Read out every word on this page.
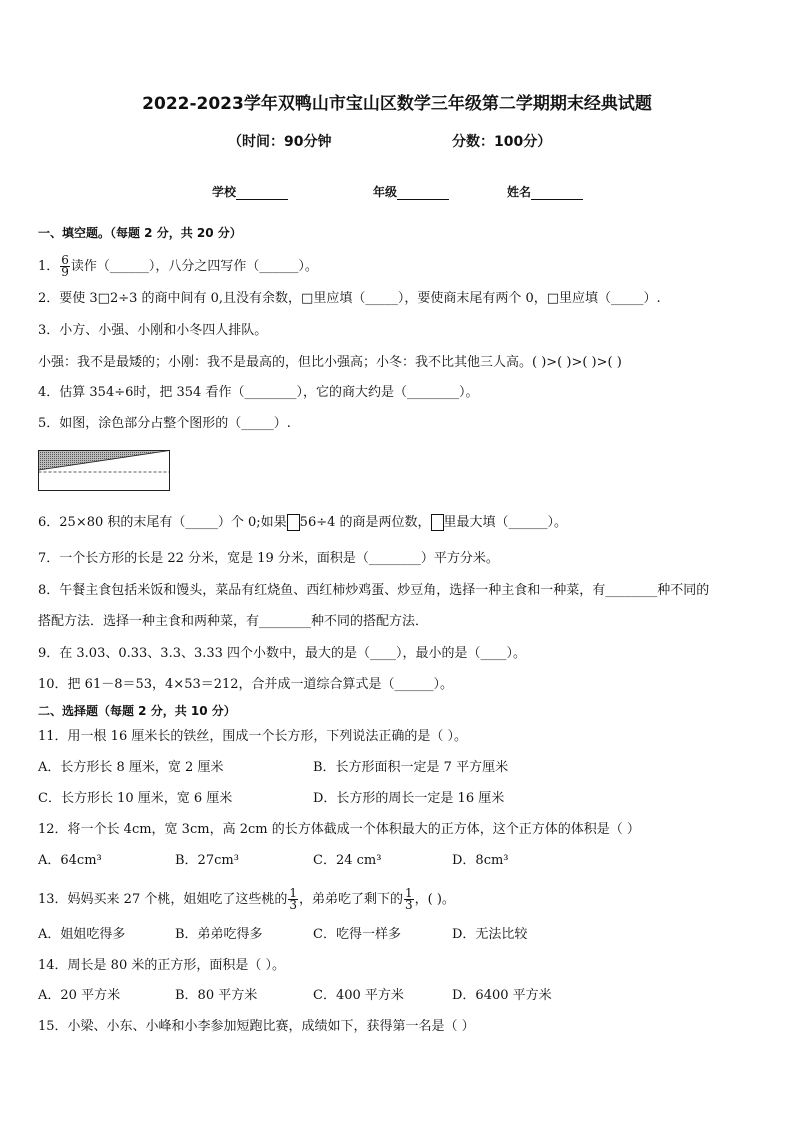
2022-2023学年双鸭山市宝山区数学三年级第二学期期末经典试题
（时间：90分钟	分数：100分）
学校	年级	姓名
一、填空题。（每题 2 分，共 20 分）
1． $\frac{6}{9}$ 读作（______），八分之四写作（______）。
2．要使 3□2÷3 的商中间有 0,且没有余数，□里应填（_____），要使商末尾有两个 0，□里应填（_____）.
3．小方、小强、小刚和小冬四人排队。
小强：我不是最矮的；小刚：我不是最高的，但比小强高；小冬：我不比其他三人高。( )>( )>( )>( )
4．估算 354÷6时，把 354 看作（________），它的商大约是（________）。
5．如图，涂色部分占整个图形的（_____）.
6．25×80 积的末尾有（_____）个 0;如果 56÷4 的商是两位数， 里最大填（______）。
7．一个长方形的长是 22 分米，宽是 19 分米，面积是（________）平方分米。
8．午餐主食包括米饭和馒头，菜品有红烧鱼、西红柿炒鸡蛋、炒豆角，选择一种主食和一种菜，有________种不同的
搭配方法．选择一种主食和两种菜，有________种不同的搭配方法．
9．在 3.03、0.33、3.3、3.33 四个小数中，最大的是（____），最小的是（____）。
10．把 61－8＝53，4×53＝212，合并成一道综合算式是（______）。
二、选择题（每题 2 分，共 10 分）
11．用一根 16 厘米长的铁丝，围成一个长方形，下列说法正确的是（ ）。
A．长方形长 8 厘米，宽 2 厘米	B．长方形面积一定是 7 平方厘米
C．长方形长 10 厘米，宽 6 厘米	D．长方形的周长一定是 16 厘米
12．将一个长 4cm，宽 3cm，高 2cm 的长方体截成一个体积最大的正方体，这个正方体的体积是（ ）
A．64cm³	B．27cm³	C．24 cm³	D．8cm³
13．妈妈买来 27 个桃，姐姐吃了这些桃的 $\frac{1}{3}$ ，弟弟吃了剩下的 $\frac{1}{3}$ ，( )。
A．姐姐吃得多	B．弟弟吃得多	C．吃得一样多	D．无法比较
14．周长是 80 米的正方形，面积是（ ）。
A．20 平方米	B．80 平方米	C．400 平方米	D．6400 平方米
15．小梁、小东、小峰和小李参加短跑比赛，成绩如下，获得第一名是（ ）
